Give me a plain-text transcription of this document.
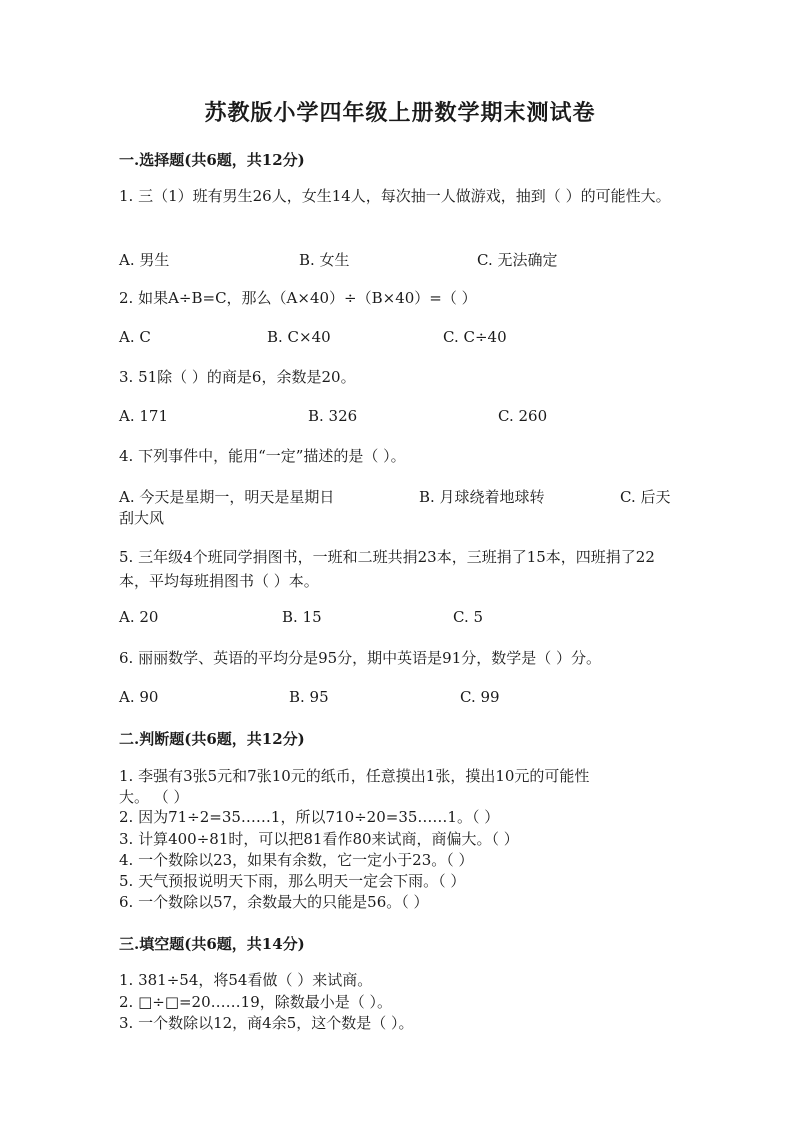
苏教版小学四年级上册数学期末测试卷
一.选择题(共6题，共12分)
1. 三（1）班有男生26人，女生14人，每次抽一人做游戏，抽到（ ）的可能性大。
A. 男生	B. 女生	C. 无法确定
2. 如果A÷B=C，那么（A×40）÷（B×40）=（ ）
A. C	B. C×40	C. C÷40
3. 51除（ ）的商是6，余数是20。
A. 171	B. 326	C. 260
4. 下列事件中，能用“一定”描述的是（ ）。
A. 今天是星期一，明天是星期日	B. 月球绕着地球转	C. 后天
刮大风
5. 三年级4个班同学捐图书，一班和二班共捐23本，三班捐了15本，四班捐了22本，平均每班捐图书（ ）本。
A. 20	B. 15	C. 5
6. 丽丽数学、英语的平均分是95分，期中英语是91分，数学是（ ）分。
A. 90	B. 95	C. 99
二.判断题(共6题，共12分)
1. 李强有3张5元和7张10元的纸币，任意摸出1张，摸出10元的可能性
大。 （ ）
2. 因为71÷2=35……1，所以710÷20=35……1。（ ）
3. 计算400÷81时，可以把81看作80来试商，商偏大。（ ）
4. 一个数除以23，如果有余数，它一定小于23。（ ）
5. 天气预报说明天下雨，那么明天一定会下雨。（ ）
6. 一个数除以57，余数最大的只能是56。（ ）
三.填空题(共6题，共14分)
1. 381÷54，将54看做（ ）来试商。
2. □÷□=20……19，除数最小是（ ）。
3. 一个数除以12，商4余5，这个数是（ ）。
